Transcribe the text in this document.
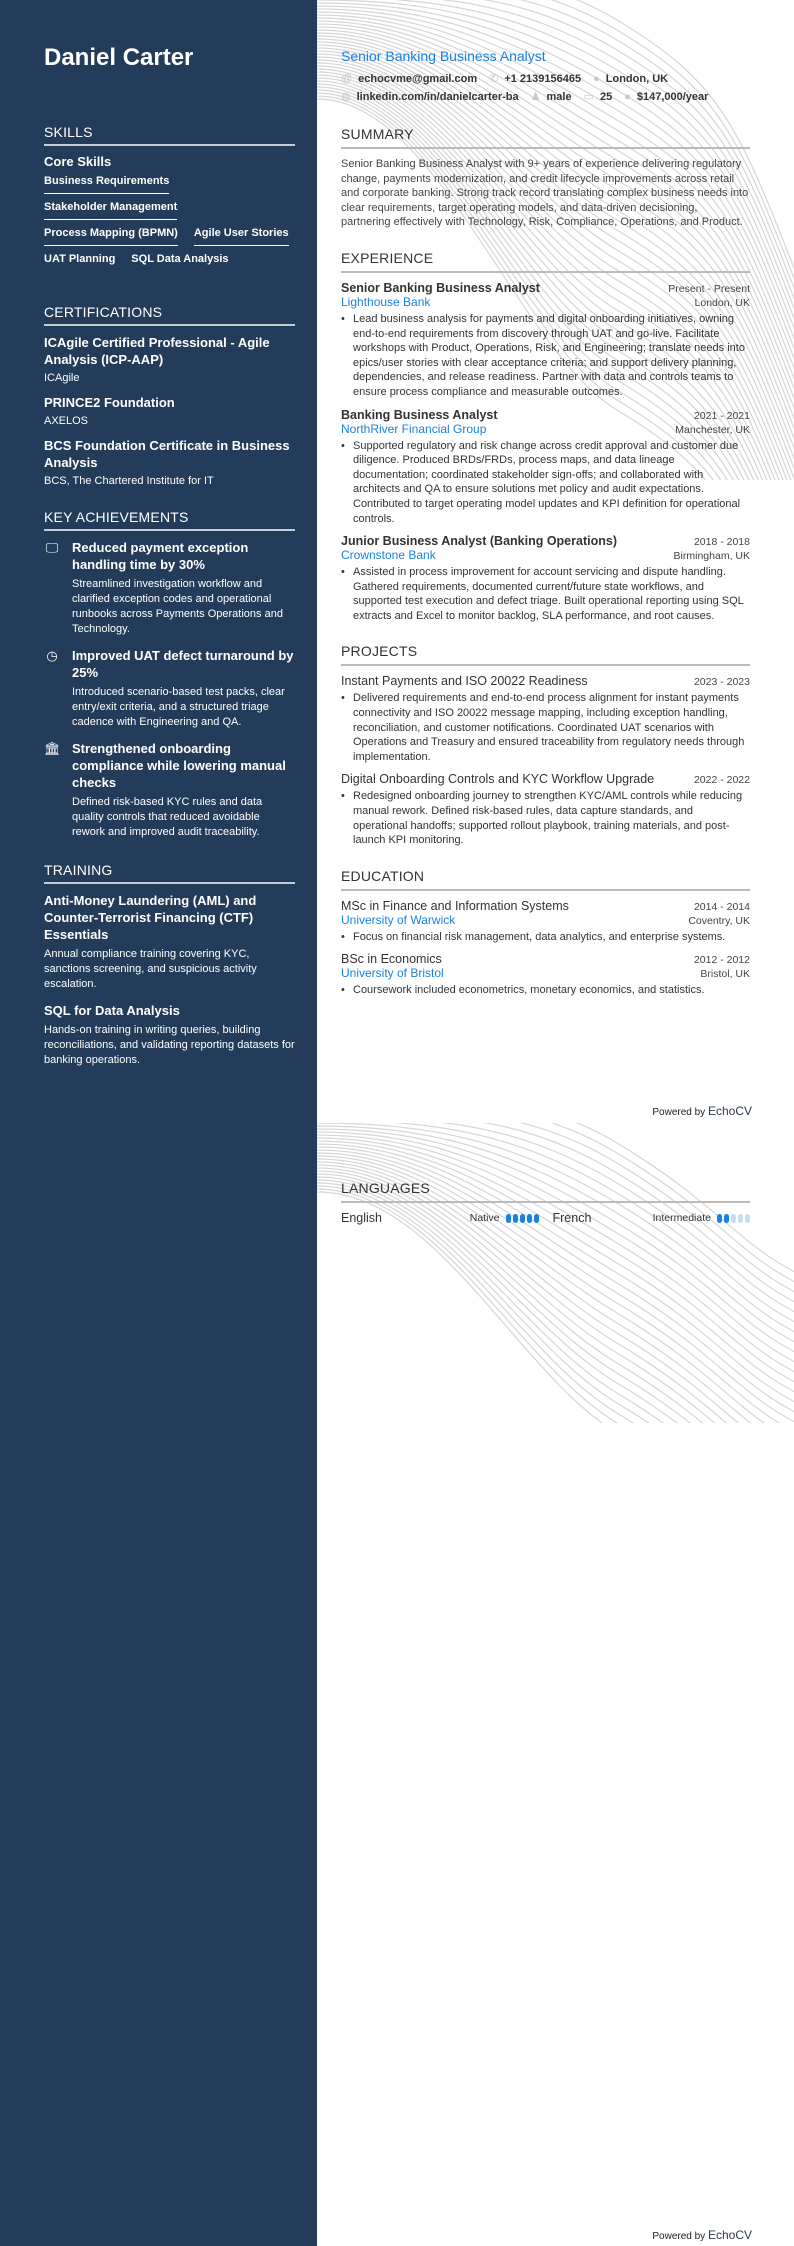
Daniel Carter
SKILLS
Core Skills
Business Requirements
Stakeholder Management
Process Mapping (BPMN) Agile User Stories
UAT Planning SQL Data Analysis
CERTIFICATIONS
ICAgile Certified Professional - Agile Analysis (ICP-AAP)
ICAgile
PRINCE2 Foundation
AXELOS
BCS Foundation Certificate in Business Analysis
BCS, The Chartered Institute for IT
KEY ACHIEVEMENTS
🖵 Reduced payment exception handling time by 30%
Streamlined investigation workflow and clarified exception codes and operational runbooks across Payments Operations and Technology.
◷ Improved UAT defect turnaround by 25%
Introduced scenario-based test packs, clear entry/exit criteria, and a structured triage cadence with Engineering and QA.
🏛 Strengthened onboarding compliance while lowering manual checks
Defined risk-based KYC rules and data quality controls that reduced avoidable rework and improved audit traceability.
TRAINING
Anti-Money Laundering (AML) and Counter-Terrorist Financing (CTF) Essentials
Annual compliance training covering KYC, sanctions screening, and suspicious activity escalation.
SQL for Data Analysis
Hands-on training in writing queries, building reconciliations, and validating reporting datasets for banking operations.
Senior Banking Business Analyst
@ echocvme@gmail.com ✆ +1 2139156465 ● London, UK
◍ linkedin.com/in/danielcarter-ba ♟ male ▭ 25 ● $147,000/year
SUMMARY
Senior Banking Business Analyst with 9+ years of experience delivering regulatory change, payments modernization, and credit lifecycle improvements across retail and corporate banking. Strong track record translating complex business needs into clear requirements, target operating models, and data-driven decisioning, partnering effectively with Technology, Risk, Compliance, Operations, and Product.
EXPERIENCE
Senior Banking Business Analyst	Present - Present
Lighthouse Bank	London, UK
• Lead business analysis for payments and digital onboarding initiatives, owning end-to-end requirements from discovery through UAT and go-live. Facilitate workshops with Product, Operations, Risk, and Engineering; translate needs into epics/user stories with clear acceptance criteria; and support delivery planning, dependencies, and release readiness. Partner with data and controls teams to ensure process compliance and measurable outcomes.
Banking Business Analyst	2021 - 2021
NorthRiver Financial Group	Manchester, UK
• Supported regulatory and risk change across credit approval and customer due diligence. Produced BRDs/FRDs, process maps, and data lineage documentation; coordinated stakeholder sign-offs; and collaborated with architects and QA to ensure solutions met policy and audit expectations. Contributed to target operating model updates and KPI definition for operational controls.
Junior Business Analyst (Banking Operations)	2018 - 2018
Crownstone Bank	Birmingham, UK
• Assisted in process improvement for account servicing and dispute handling. Gathered requirements, documented current/future state workflows, and supported test execution and defect triage. Built operational reporting using SQL extracts and Excel to monitor backlog, SLA performance, and root causes.
PROJECTS
Instant Payments and ISO 20022 Readiness	2023 - 2023
• Delivered requirements and end-to-end process alignment for instant payments connectivity and ISO 20022 message mapping, including exception handling, reconciliation, and customer notifications. Coordinated UAT scenarios with Operations and Treasury and ensured traceability from regulatory needs through implementation.
Digital Onboarding Controls and KYC Workflow Upgrade	2022 - 2022
• Redesigned onboarding journey to strengthen KYC/AML controls while reducing manual rework. Defined risk-based rules, data capture standards, and operational handoffs; supported rollout playbook, training materials, and post-launch KPI monitoring.
EDUCATION
MSc in Finance and Information Systems	2014 - 2014
University of Warwick	Coventry, UK
• Focus on financial risk management, data analytics, and enterprise systems.
BSc in Economics	2012 - 2012
University of Bristol	Bristol, UK
• Coursework included econometrics, monetary economics, and statistics.
Powered by EchoCV
LANGUAGES
English	Native	French	Intermediate
Powered by EchoCV
